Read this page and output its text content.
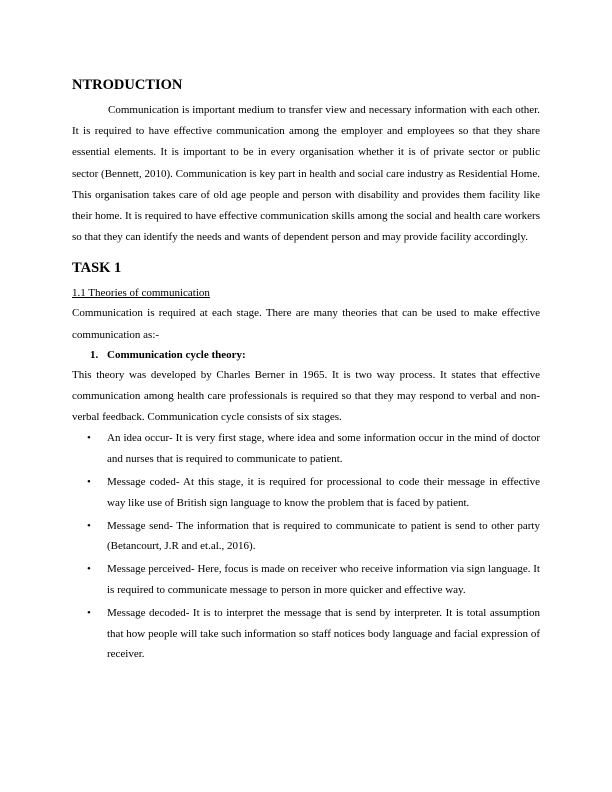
NTRODUCTION

Communication is important medium to transfer view and necessary information with each other. It is required to have effective communication among the employer and employees so that they share essential elements. It is important to be in every organisation whether it is of private sector or public sector (Bennett, 2010). Communication is key part in health and social care industry as Residential Home. This organisation takes care of old age people and person with disability and provides them facility like their home. It is required to have effective communication skills among the social and health care workers so that they can identify the needs and wants of dependent person and may provide facility accordingly.

TASK 1

1.1 Theories of communication

Communication is required at each stage. There are many theories that can be used to make effective communication as:-

1. Communication cycle theory:

This theory was developed by Charles Berner in 1965. It is two way process. It states that effective communication among health care professionals is required so that they may respond to verbal and non-verbal feedback. Communication cycle consists of six stages.

• An idea occur- It is very first stage, where idea and some information occur in the mind of doctor and nurses that is required to communicate to patient.
• Message coded- At this stage, it is required for processional to code their message in effective way like use of British sign language to know the problem that is faced by patient.
• Message send- The information that is required to communicate to patient is send to other party (Betancourt, J.R and et.al., 2016).
• Message perceived- Here, focus is made on receiver who receive information via sign language. It is required to communicate message to person in more quicker and effective way.
• Message decoded- It is to interpret the message that is send by interpreter. It is total assumption that how people will take such information so staff notices body language and facial expression of receiver.
